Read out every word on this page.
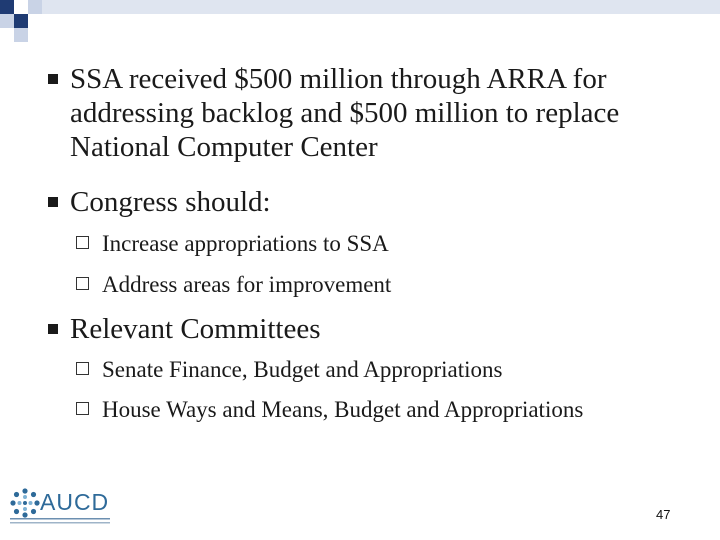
SSA received $500 million through ARRA for addressing backlog and $500 million to replace National Computer Center
Congress should:
Increase appropriations to SSA
Address areas for improvement
Relevant Committees
Senate Finance, Budget and Appropriations
House Ways and Means, Budget and Appropriations
AUCD	47
